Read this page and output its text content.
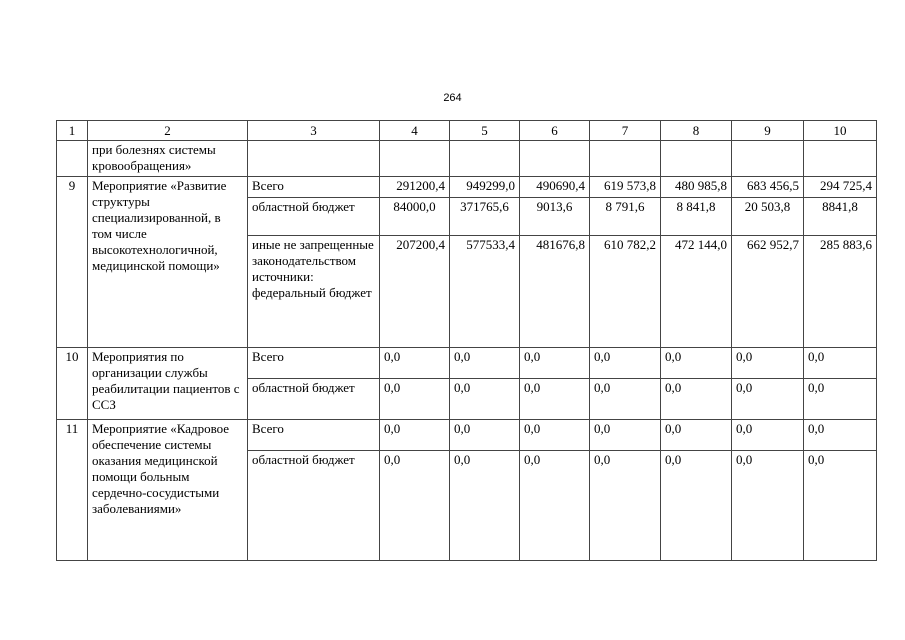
264
1	2	3	4	5	6	7	8	9	10
	при болезнях системы кровообращения»								
9	Мероприятие «Развитие структуры специализированной, в том числе высокотехнологичной, медицинской помощи»	Всего	291200,4	949299,0	490690,4	619 573,8	480 985,8	683 456,5	294 725,4
		областной бюджет	84000,0	371765,6	9013,6	8 791,6	8 841,8	20 503,8	8841,8
		иные не запрещенные законодательством источники: федеральный бюджет	207200,4	577533,4	481676,8	610 782,2	472 144,0	662 952,7	285 883,6
10	Мероприятия по организации службы реабилитации пациентов с ССЗ	Всего	0,0	0,0	0,0	0,0	0,0	0,0	0,0
		областной бюджет	0,0	0,0	0,0	0,0	0,0	0,0	0,0
11	Мероприятие «Кадровое обеспечение системы оказания медицинской помощи больным сердечно-сосудистыми заболеваниями»	Всего	0,0	0,0	0,0	0,0	0,0	0,0	0,0
		областной бюджет	0,0	0,0	0,0	0,0	0,0	0,0	0,0
